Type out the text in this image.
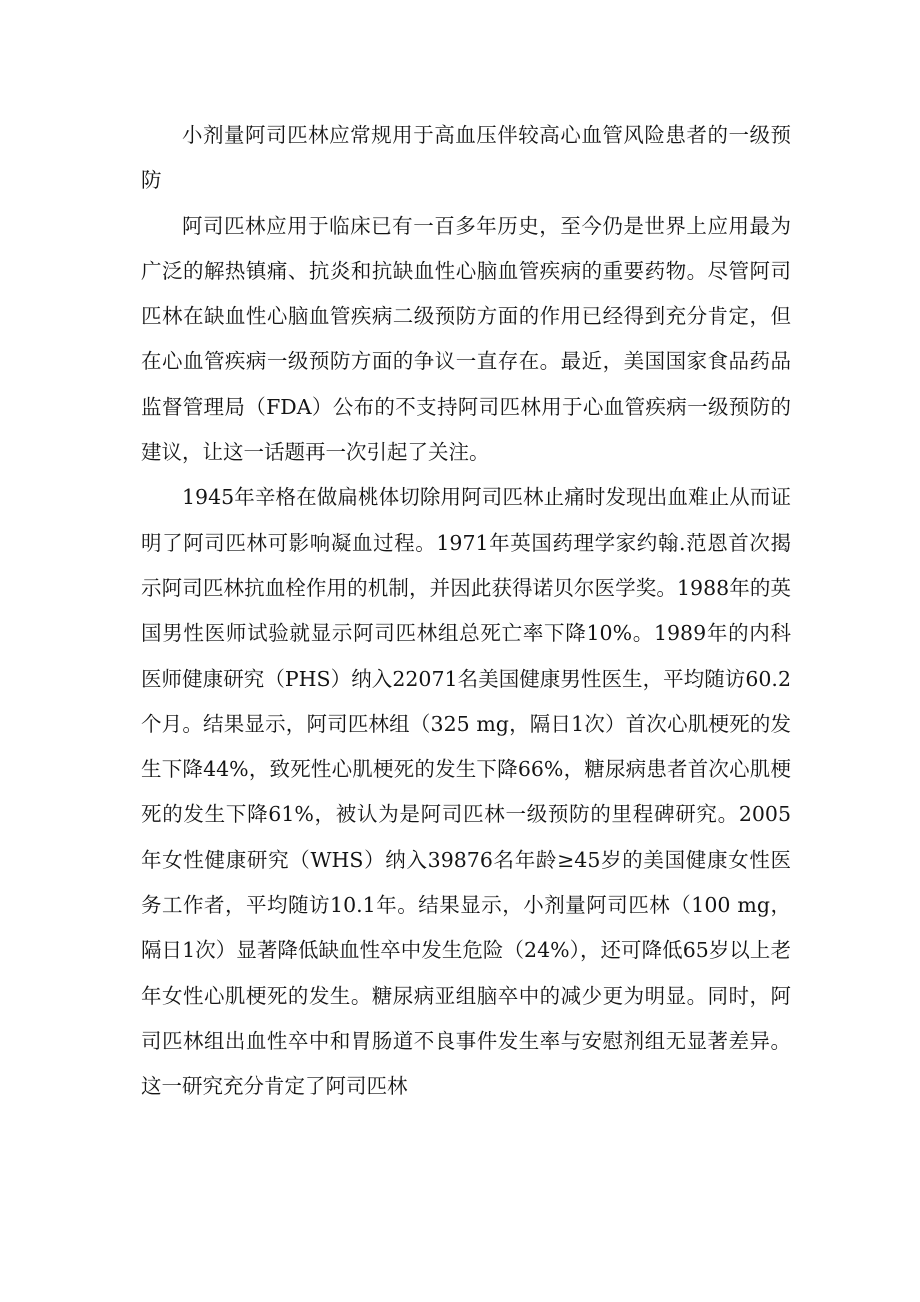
小剂量阿司匹林应常规用于高血压伴较高心血管风险患者的一级预防

阿司匹林应用于临床已有一百多年历史，至今仍是世界上应用最为广泛的解热镇痛、抗炎和抗缺血性心脑血管疾病的重要药物。尽管阿司匹林在缺血性心脑血管疾病二级预防方面的作用已经得到充分肯定，但在心血管疾病一级预防方面的争议一直存在。最近，美国国家食品药品监督管理局（FDA）公布的不支持阿司匹林用于心血管疾病一级预防的建议，让这一话题再一次引起了关注。

1945年辛格在做扁桃体切除用阿司匹林止痛时发现出血难止从而证明了阿司匹林可影响凝血过程。1971年英国药理学家约翰.范恩首次揭示阿司匹林抗血栓作用的机制，并因此获得诺贝尔医学奖。1988年的英国男性医师试验就显示阿司匹林组总死亡率下降10%。1989年的内科医师健康研究（PHS）纳入22071名美国健康男性医生，平均随访60.2个月。结果显示，阿司匹林组（325 mg，隔日1次）首次心肌梗死的发生下降44%，致死性心肌梗死的发生下降66%，糖尿病患者首次心肌梗死的发生下降61%，被认为是阿司匹林一级预防的里程碑研究。2005年女性健康研究（WHS）纳入39876名年龄≥45岁的美国健康女性医务工作者，平均随访10.1年。结果显示，小剂量阿司匹林（100 mg，隔日1次）显著降低缺血性卒中发生危险（24%），还可降低65岁以上老年女性心肌梗死的发生。糖尿病亚组脑卒中的减少更为明显。同时，阿司匹林组出血性卒中和胃肠道不良事件发生率与安慰剂组无显著差异。这一研究充分肯定了阿司匹林
